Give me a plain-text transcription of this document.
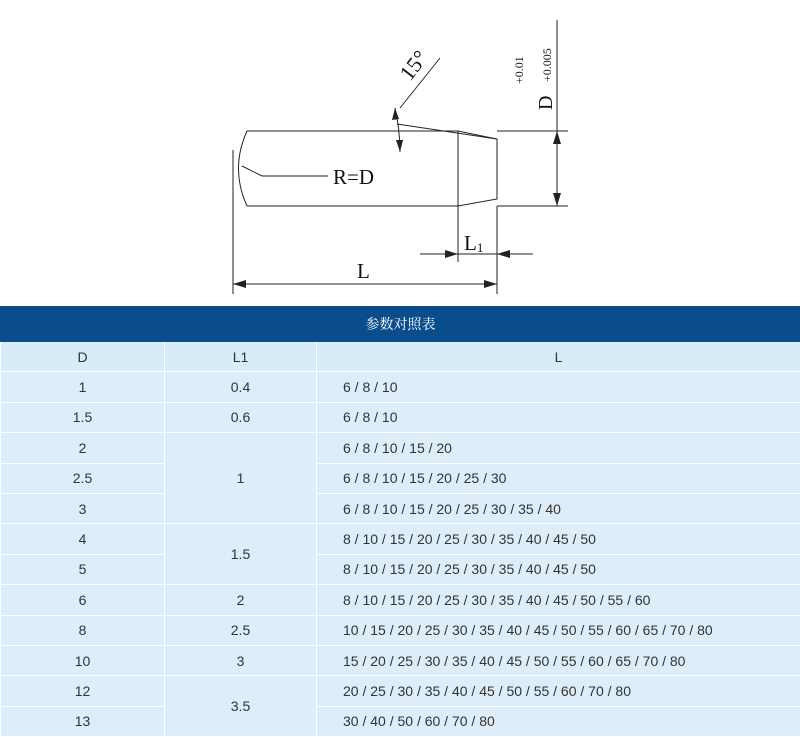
15°
R=D
D
+0.01 +0.005
L1
L
参数对照表		
D	L1	L
1	0.4	6 / 8 / 10
1.5	0.6	6 / 8 / 10
2	1	6 / 8 / 10 / 15 / 20
2.5		6 / 8 / 10 / 15 / 20 / 25 / 30
3		6 / 8 / 10 / 15 / 20 / 25 / 30 / 35 / 40
4	1.5	8 / 10 / 15 / 20 / 25 / 30 / 35 / 40 / 45 / 50
5		8 / 10 / 15 / 20 / 25 / 30 / 35 / 40 / 45 / 50
6	2	8 / 10 / 15 / 20 / 25 / 30 / 35 / 40 / 45 / 50 / 55 / 60
8	2.5	10 / 15 / 20 / 25 / 30 / 35 / 40 / 45 / 50 / 55 / 60 / 65 / 70 / 80
10	3	15 / 20 / 25 / 30 / 35 / 40 / 45 / 50 / 55 / 60 / 65 / 70 / 80
12	3.5	20 / 25 / 30 / 35 / 40 / 45 / 50 / 55 / 60 / 70 / 80
13		30 / 40 / 50 / 60 / 70 / 80
